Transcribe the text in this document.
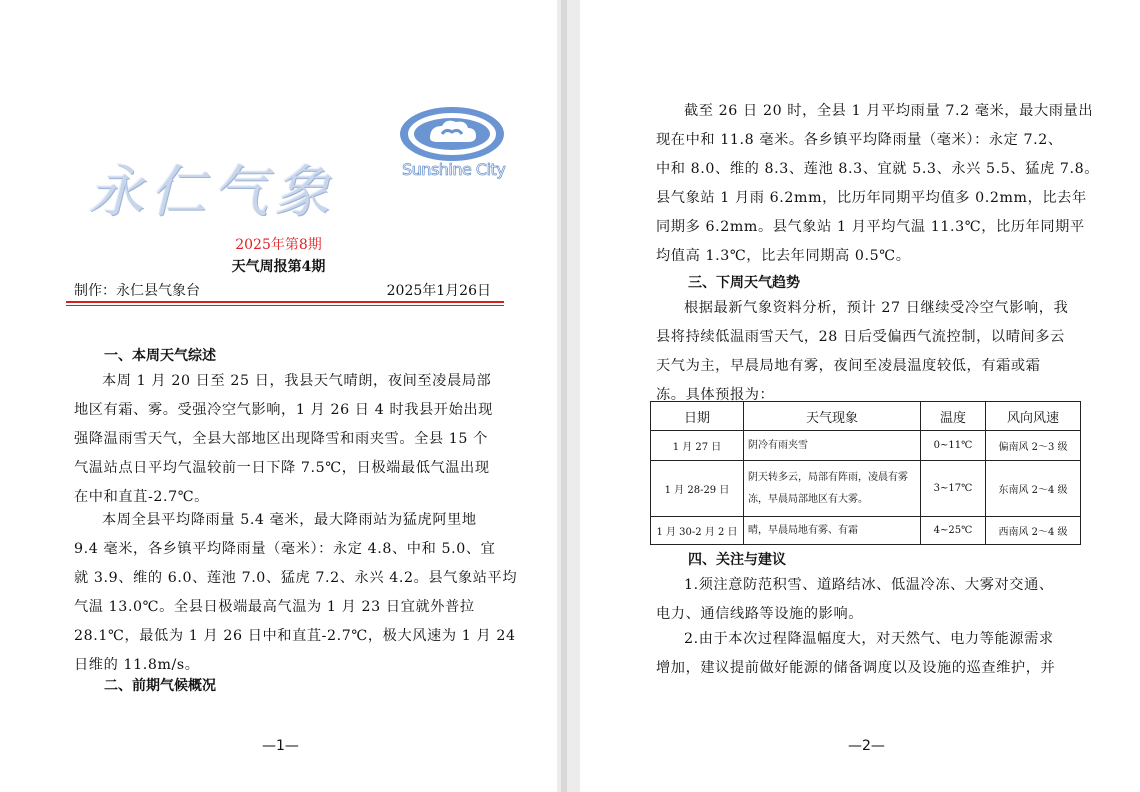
永仁气象	Sunshine City
2025年第8期
天气周报第4期
制作：永仁县气象台	2025年1月26日
一、本周天气综述
本周 1 月 20 日至 25 日，我县天气晴朗，夜间至凌晨局部
地区有霜、雾。受强冷空气影响，1 月 26 日 4 时我县开始出现
强降温雨雪天气，全县大部地区出现降雪和雨夹雪。全县 15 个
气温站点日平均气温较前一日下降 7.5℃，日极端最低气温出现
在中和直苴-2.7℃。
本周全县平均降雨量 5.4 毫米，最大降雨站为猛虎阿里地
9.4 毫米，各乡镇平均降雨量（毫米）：永定 4.8、中和 5.0、宜
就 3.9、维的 6.0、莲池 7.0、猛虎 7.2、永兴 4.2。县气象站平均
气温 13.0℃。全县日极端最高气温为 1 月 23 日宜就外普拉
28.1℃，最低为 1 月 26 日中和直苴-2.7℃，极大风速为 1 月 24
日维的 11.8m/s。
二、前期气候概况
—1—
截至 26 日 20 时，全县 1 月平均雨量 7.2 毫米，最大雨量出
现在中和 11.8 毫米。各乡镇平均降雨量（毫米）：永定 7.2、
中和 8.0、维的 8.3、莲池 8.3、宜就 5.3、永兴 5.5、猛虎 7.8。
县气象站 1 月雨 6.2mm，比历年同期平均值多 0.2mm，比去年
同期多 6.2mm。县气象站 1 月平均气温 11.3℃，比历年同期平
均值高 1.3℃，比去年同期高 0.5℃。
三、下周天气趋势
根据最新气象资料分析，预计 27 日继续受冷空气影响，我
县将持续低温雨雪天气，28 日后受偏西气流控制，以晴间多云
天气为主，早晨局地有雾，夜间至凌晨温度较低，有霜或霜
冻。具体预报为：
日期	天气现象	温度	风向风速
1 月 27 日	阴冷有雨夹雪	0~11℃	偏南风 2～3 级
1 月 28-29 日	阴天转多云，局部有阵雨，凌晨有雾冻，早晨局部地区有大雾。	3~17℃	东南风 2～4 级
1 月 30-2 月 2 日	晴，早晨局地有雾、有霜	4~25℃	西南风 2～4 级
四、关注与建议
1.须注意防范积雪、道路结冰、低温冷冻、大雾对交通、
电力、通信线路等设施的影响。
2.由于本次过程降温幅度大，对天然气、电力等能源需求
增加，建议提前做好能源的储备调度以及设施的巡查维护，并
—2—
